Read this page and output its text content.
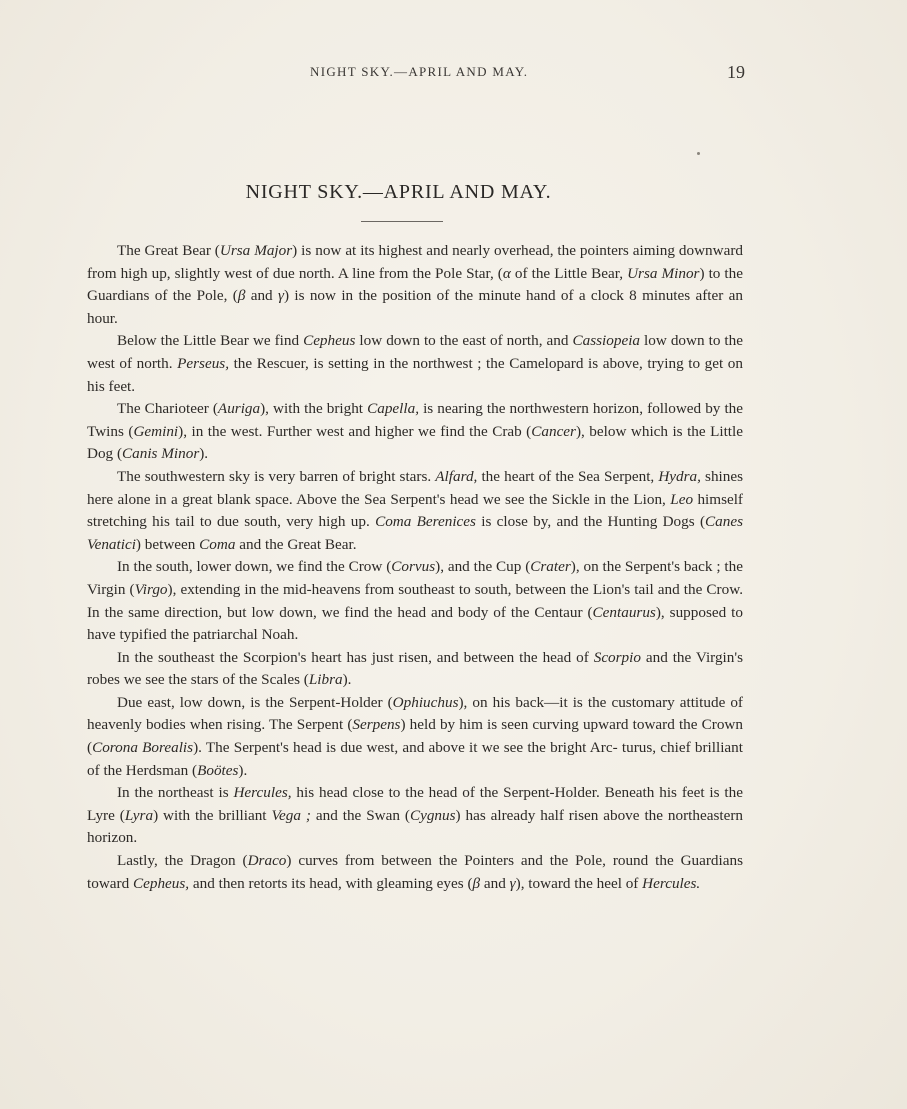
NIGHT SKY.—APRIL AND MAY.	19
NIGHT SKY.—APRIL AND MAY.

The Great Bear (Ursa Major) is now at its highest and nearly overhead, the pointers aiming downward from high up, slightly west of due north. A line from the Pole Star, (α of the Little Bear, Ursa Minor) to the Guardians of the Pole, (β and γ) is now in the position of the minute hand of a clock 8 minutes after an hour.

Below the Little Bear we find Cepheus low down to the east of north, and Cassiopeia low down to the west of north. Perseus, the Rescuer, is setting in the northwest ; the Camelopard is above, trying to get on his feet.

The Charioteer (Auriga), with the bright Capella, is nearing the northwestern horizon, followed by the Twins (Gemini), in the west. Further west and higher we find the Crab (Cancer), below which is the Little Dog (Canis Minor).

The southwestern sky is very barren of bright stars. Alfard, the heart of the Sea Serpent, Hydra, shines here alone in a great blank space. Above the Sea Serpent's head we see the Sickle in the Lion, Leo himself stretching his tail to due south, very high up. Coma Berenices is close by, and the Hunting Dogs (Canes Venatici) between Coma and the Great Bear.

In the south, lower down, we find the Crow (Corvus), and the Cup (Crater), on the Serpent's back ; the Virgin (Virgo), extending in the mid-heavens from southeast to south, between the Lion's tail and the Crow. In the same direction, but low down, we find the head and body of the Centaur (Centaurus), supposed to have typified the patriarchal Noah.

In the southeast the Scorpion's heart has just risen, and between the head of Scorpio and the Virgin's robes we see the stars of the Scales (Libra).

Due east, low down, is the Serpent-Holder (Ophiuchus), on his back—it is the customary attitude of heavenly bodies when rising. The Serpent (Serpens) held by him is seen curving upward toward the Crown (Corona Borealis). The Serpent's head is due west, and above it we see the bright Arc- turus, chief brilliant of the Herdsman (Boötes).

In the northeast is Hercules, his head close to the head of the Serpent-Holder. Beneath his feet is the Lyre (Lyra) with the brilliant Vega ; and the Swan (Cygnus) has already half risen above the northeastern horizon.

Lastly, the Dragon (Draco) curves from between the Pointers and the Pole, round the Guardians toward Cepheus, and then retorts its head, with gleaming eyes (β and γ), toward the heel of Hercules.
